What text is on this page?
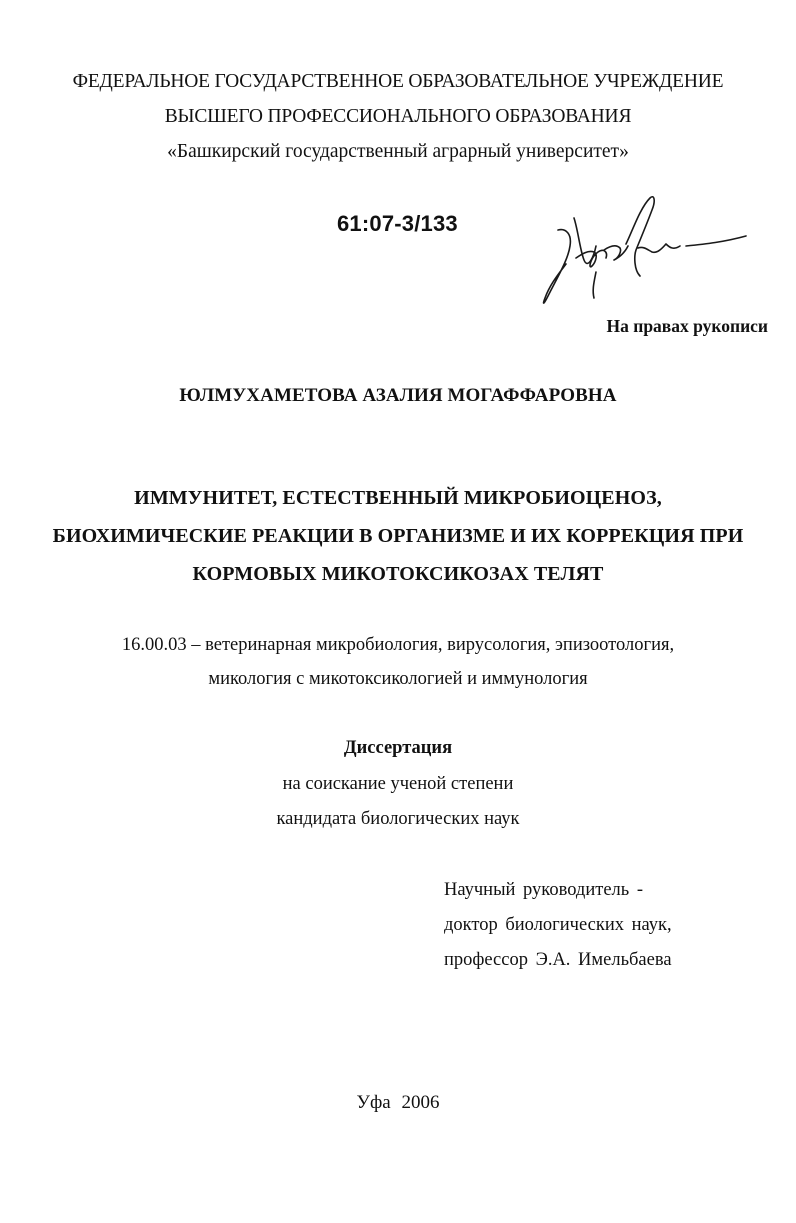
ФЕДЕРАЛЬНОЕ ГОСУДАРСТВЕННОЕ ОБРАЗОВАТЕЛЬНОЕ УЧРЕЖДЕНИЕ
ВЫСШЕГО ПРОФЕССИОНАЛЬНОГО ОБРАЗОВАНИЯ
«Башкирский государственный аграрный университет»
61:07-3/133
На правах рукописи
ЮЛМУХАМЕТОВА АЗАЛИЯ МОГАФФАРОВНА
ИММУНИТЕТ, ЕСТЕСТВЕННЫЙ МИКРОБИОЦЕНОЗ,
БИОХИМИЧЕСКИЕ РЕАКЦИИ В ОРГАНИЗМЕ И ИХ КОРРЕКЦИЯ ПРИ
КОРМОВЫХ МИКОТОКСИКОЗАХ ТЕЛЯТ
16.00.03 – ветеринарная микробиология, вирусология, эпизоотология,
микология с микотоксикологией и иммунология
Диссертация
на соискание ученой степени
кандидата биологических наук
Научный руководитель -
доктор биологических наук,
профессор Э.А. Имельбаева
Уфа 2006
